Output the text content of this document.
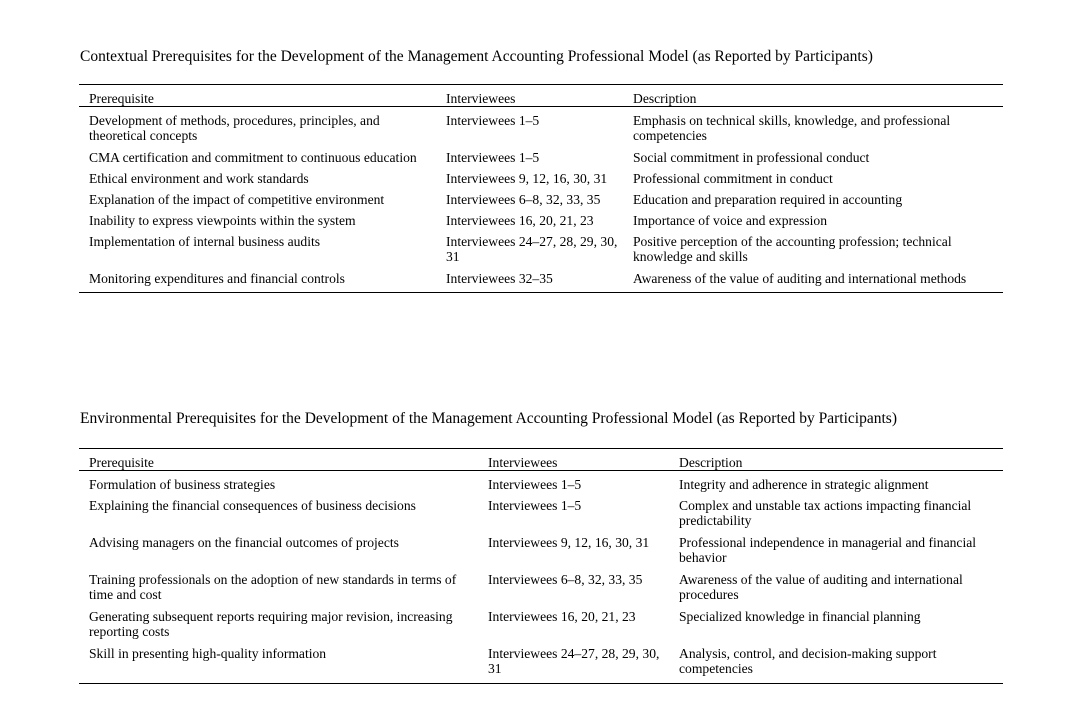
Contextual Prerequisites for the Development of the Management Accounting Professional Model (as Reported by Participants)
Prerequisite	Interviewees	Description
Development of methods, procedures, principles, and theoretical concepts	Interviewees 1–5	Emphasis on technical skills, knowledge, and professional competencies
CMA certification and commitment to continuous education	Interviewees 1–5	Social commitment in professional conduct
Ethical environment and work standards	Interviewees 9, 12, 16, 30, 31	Professional commitment in conduct
Explanation of the impact of competitive environment	Interviewees 6–8, 32, 33, 35	Education and preparation required in accounting
Inability to express viewpoints within the system	Interviewees 16, 20, 21, 23	Importance of voice and expression
Implementation of internal business audits	Interviewees 24–27, 28, 29, 30, 31	Positive perception of the accounting profession; technical knowledge and skills
Monitoring expenditures and financial controls	Interviewees 32–35	Awareness of the value of auditing and international methods
Environmental Prerequisites for the Development of the Management Accounting Professional Model (as Reported by Participants)
Prerequisite	Interviewees	Description
Formulation of business strategies	Interviewees 1–5	Integrity and adherence in strategic alignment
Explaining the financial consequences of business decisions	Interviewees 1–5	Complex and unstable tax actions impacting financial predictability
Advising managers on the financial outcomes of projects	Interviewees 9, 12, 16, 30, 31	Professional independence in managerial and financial behavior
Training professionals on the adoption of new standards in terms of time and cost	Interviewees 6–8, 32, 33, 35	Awareness of the value of auditing and international procedures
Generating subsequent reports requiring major revision, increasing reporting costs	Interviewees 16, 20, 21, 23	Specialized knowledge in financial planning
Skill in presenting high-quality information	Interviewees 24–27, 28, 29, 30, 31	Analysis, control, and decision-making support competencies
